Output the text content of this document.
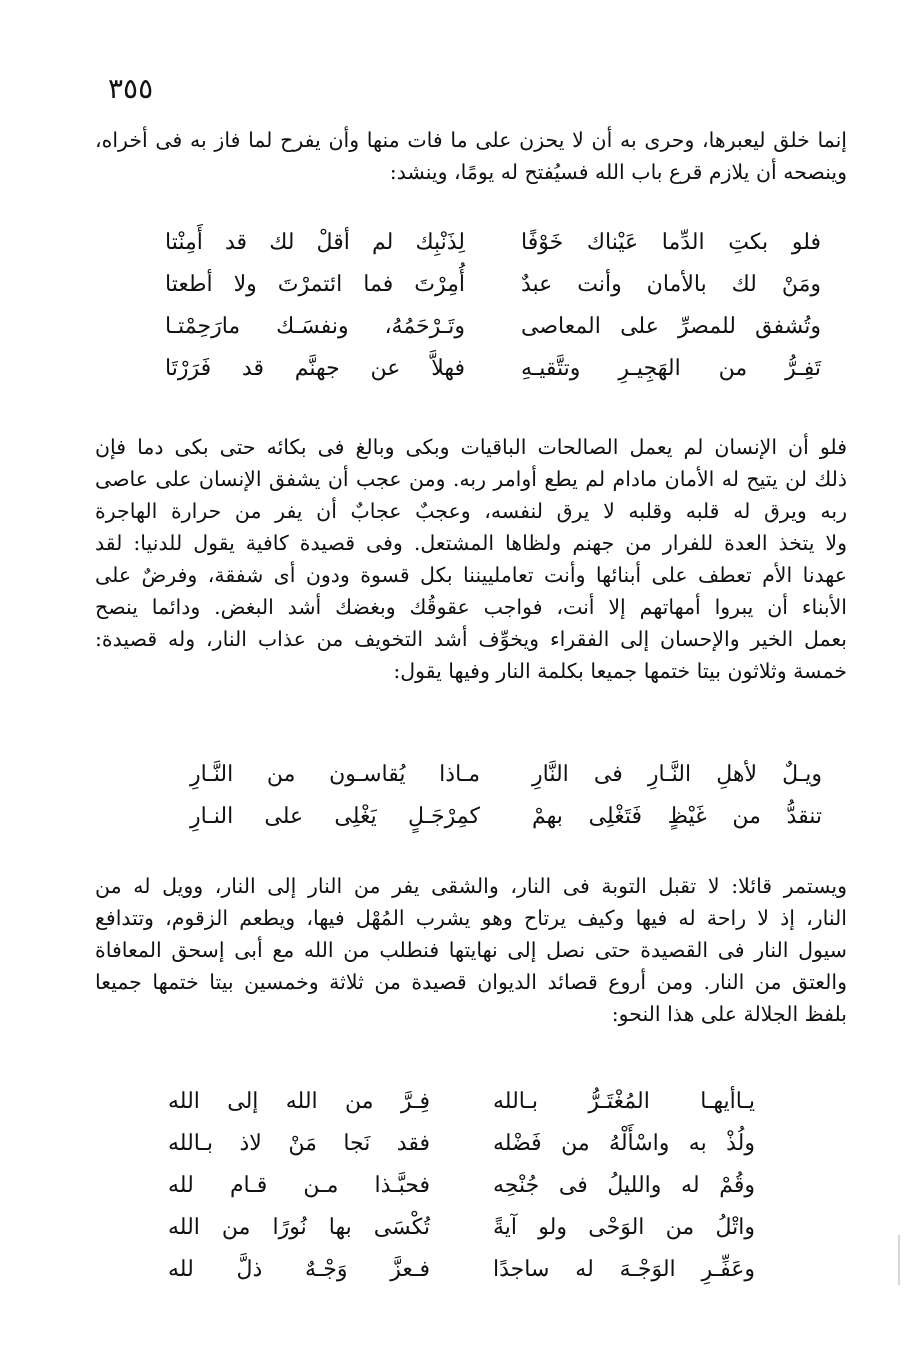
٣٥٥
إنما خلق ليعبرها، وحرى به أن لا يحزن على ما فات منها وأن يفرح لما فاز به فى أخراه،
وينصحه أن يلازم قرع باب الله فسيُفتح له يومًا، وينشد:
فلو بكتِ الدِّما عَيْناك خَوْفًا
لِذَنْبِك لم أقلْ لك قد أَمِنْتا
ومَنْ لك بالأمان وأنت عبدٌ
أُمِرْتَ فما ائتمرْتَ ولا أطعتا
وتُشفق للمصرِّ على المعاصى
وتَـرْحَمُهُ، ونفسَـك مارَحِمْتـا
تَفِـرُّ من الهَجِيـرِ وتتَّقيـهِ
فهلاَّ عن جهنَّم قد فَرَرْتَا
فلو أن الإنسان لم يعمل الصالحات الباقيات وبكى وبالغ فى بكائه حتى بكى دما فإن
ذلك لن يتيح له الأمان مادام لم يطع أوامر ربه. ومن عجب أن يشفق الإنسان على عاصى
ربه ويرق له قلبه وقلبه لا يرق لنفسه، وعجبٌ عجابٌ أن يفر من حرارة الهاجرة
ولا يتخذ العدة للفرار من جهنم ولظاها المشتعل. وفى قصيدة كافية يقول للدنيا: لقد
عهدنا الأم تعطف على أبنائها وأنت تعاملييننا بكل قسوة ودون أى شفقة، وفرضٌ على
الأبناء أن يبروا أمهاتهم إلا أنت، فواجب عقوقُك وبغضك أشد البغض. ودائما ينصح
بعمل الخير والإحسان إلى الفقراء ويخوِّف أشد التخويف من عذاب النار، وله قصيدة:
خمسة وثلاثون بيتا ختمها جميعا بكلمة النار وفيها يقول:
ويـلٌ لأهلِ النَّـارِ فى النَّارِ
مـاذا يُقاسـون من النَّـارِ
تنقدُّ من غَيْظٍ فَتَغْلِى بهمْ
كمِرْجَـلٍ يَغْلِى على النـارِ
ويستمر قائلا: لا تقبل التوبة فى النار، والشقى يفر من النار إلى النار، وويل له من
النار، إذ لا راحة له فيها وكيف يرتاح وهو يشرب المُهْل فيها، ويطعم الزقوم، وتتدافع
سيول النار فى القصيدة حتى نصل إلى نهايتها فنطلب من الله مع أبى إسحق المعافاة
والعتق من النار. ومن أروع قصائد الديوان قصيدة من ثلاثة وخمسين بيتا ختمها جميعا
بلفظ الجلالة على هذا النحو:
يـاأيهـا المُغْتَـرُّ بـالله
فِـرَّ من الله إلى الله
ولُذْ به واسْأَلْهُ من فَضْله
فقد نَجا مَنْ لاذ بـالله
وقُمْ له والليلُ فى جُنْحِه
فحبَّـذا مـن قـام لله
واتْلُ من الوَحْى ولو آيةً
تُكْسَى بها نُورًا من الله
وعَفِّـرِ الوَجْـهَ له ساجدًا
فـعزَّ وَجْـهٌ ذلَّ لله
